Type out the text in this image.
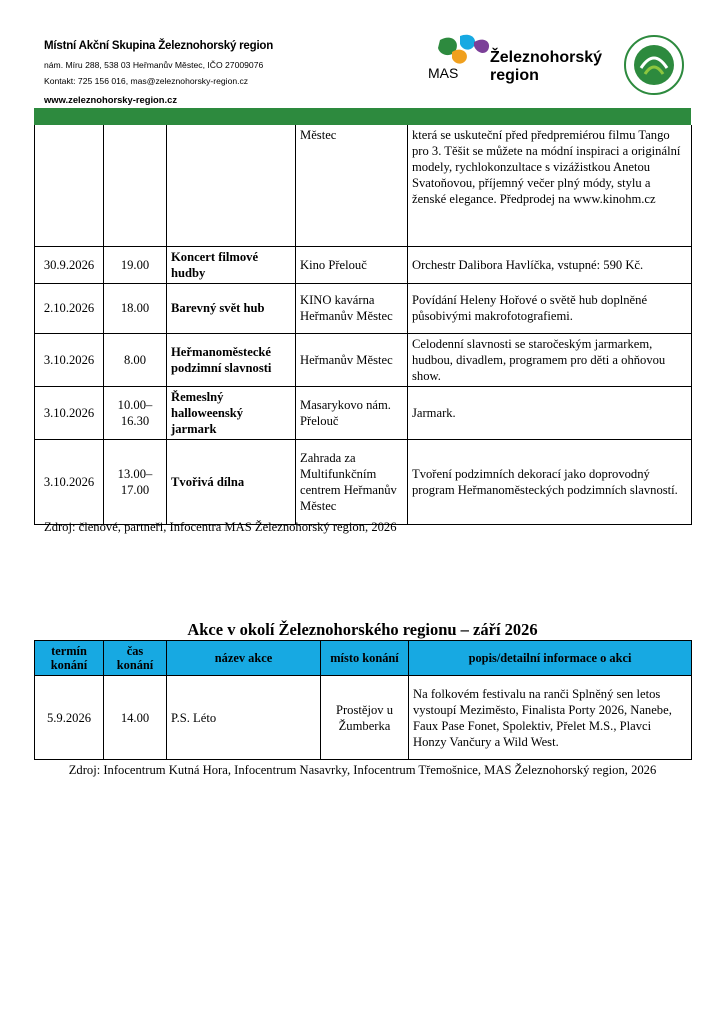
Místní Akční Skupina Železnohorský region
nám. Míru 288, 538 03 Heřmanův Městec, IČO 27009076
Kontakt: 725 156 016, mas@zeleznohorsky-region.cz
www.zeleznohorsky-region.cz
MAS
Železnohorský
region
			Městec	která se uskuteční před předpremiérou filmu Tango pro 3. Těšit se můžete na módní inspiraci a originální modely, rychlokonzultace s vizážistkou Anetou Svatoňovou, příjemný večer plný módy, stylu a ženské elegance. Předprodej na www.kinohm.cz
30.9.2026	19.00	Koncert filmové hudby	Kino Přelouč	Orchestr Dalibora Havlíčka, vstupné: 590 Kč.
2.10.2026	18.00	Barevný svět hub	KINO kavárna Heřmanův Městec	Povídání Heleny Hořové o světě hub doplněné působivými makrofotografiemi.
3.10.2026	8.00	Heřmanoměstecké podzimní slavnosti	Heřmanův Městec	Celodenní slavnosti se staročeským jarmarkem, hudbou, divadlem, programem pro děti a ohňovou show.
3.10.2026	10.00–16.30	Řemeslný halloweenský jarmark	Masarykovo nám. Přelouč	Jarmark.
3.10.2026	13.00–17.00	Tvořivá dílna	Zahrada za Multifunkčním centrem Heřmanův Městec	Tvoření podzimních dekorací jako doprovodný program Heřmanoměsteckých podzimních slavností.
Zdroj: členové, partneři, Infocentra MAS Železnohorský region, 2026
Akce v okolí Železnohorského regionu – září 2026
termín konání	čas konání	název akce	místo konání	popis/detailní informace o akci
5.9.2026	14.00	P.S. Léto	Prostějov u Žumberka	Na folkovém festivalu na ranči Splněný sen letos vystoupí Meziměsto, Finalista Porty 2026, Nanebe, Faux Pase Fonet, Spolektiv, Přelet M.S., Plavci Honzy Vančury a Wild West.
Zdroj: Infocentrum Kutná Hora, Infocentrum Nasavrky, Infocentrum Třemošnice, MAS Železnohorský region, 2026
